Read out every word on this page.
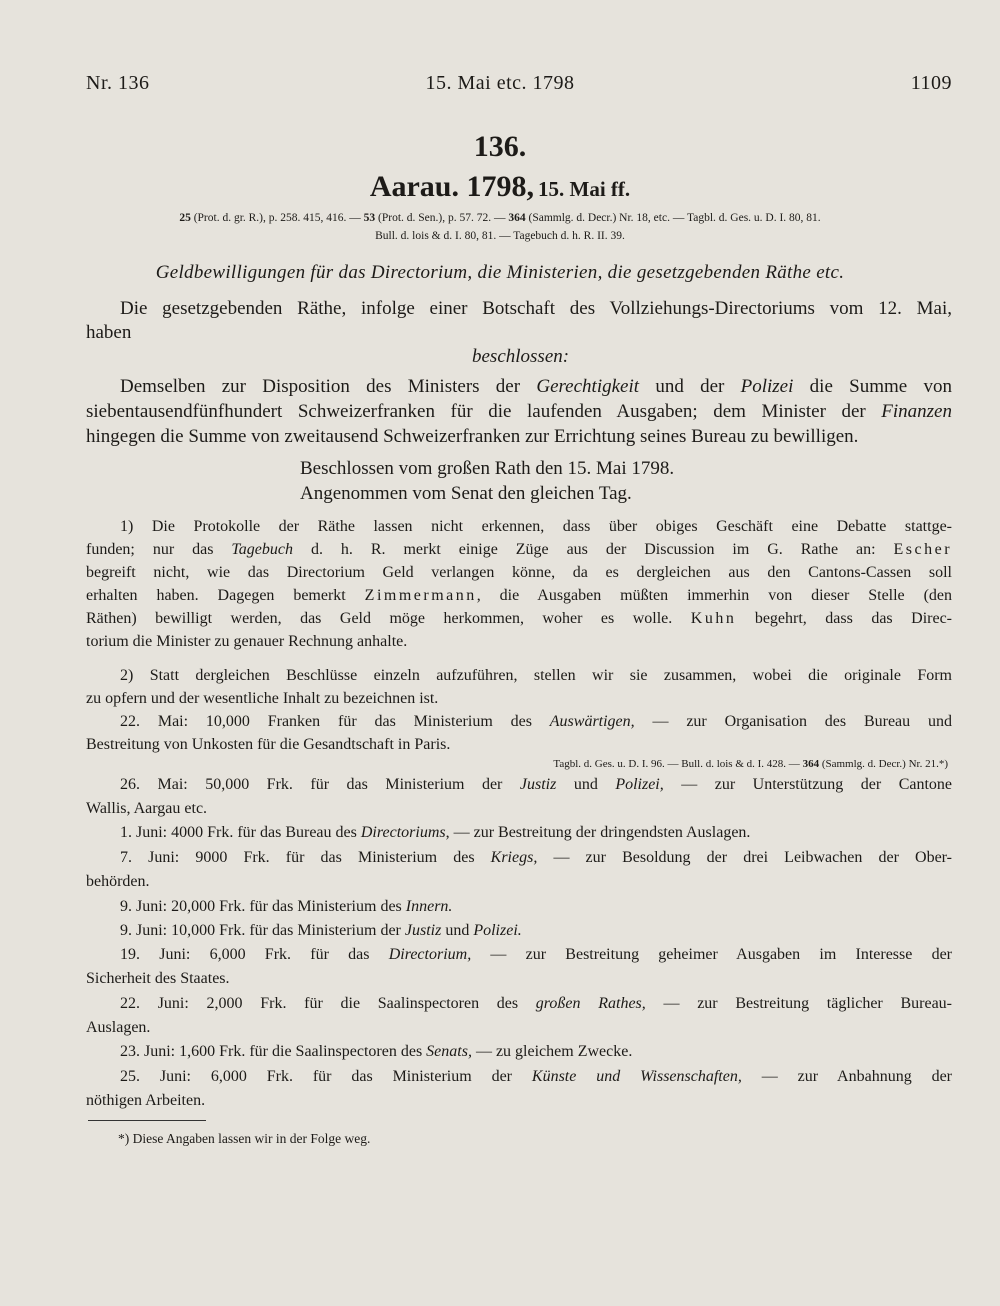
Nr. 136	15. Mai etc. 1798	1109
136.
Aarau. 1798, 15. Mai ff.
25 (Prot. d. gr. R.), p. 258. 415, 416. — 53 (Prot. d. Sen.), p. 57. 72. — 364 (Sammlg. d. Decr.) Nr. 18, etc. — Tagbl. d. Ges. u. D. I. 80, 81.
Bull. d. lois & d. I. 80, 81. — Tagebuch d. h. R. II. 39.
Geldbewilligungen für das Directorium, die Ministerien, die gesetzgebenden Räthe etc.
Die gesetzgebenden Räthe, infolge einer Botschaft des Vollziehungs-Directoriums vom 12. Mai,
haben
beschlossen:
Demselben zur Disposition des Ministers der Gerechtigkeit und der Polizei die Summe von
siebentausendfünfhundert Schweizerfranken für die laufenden Ausgaben; dem Minister der Finanzen
hingegen die Summe von zweitausend Schweizerfranken zur Errichtung seines Bureau zu bewilligen.
Beschlossen vom großen Rath den 15. Mai 1798.
Angenommen vom Senat den gleichen Tag.
1) Die Protokolle der Räthe lassen nicht erkennen, dass über obiges Geschäft eine Debatte stattge-
funden; nur das Tagebuch d. h. R. merkt einige Züge aus der Discussion im G. Rathe an: Escher
begreift nicht, wie das Directorium Geld verlangen könne, da es dergleichen aus den Cantons-Cassen soll
erhalten haben. Dagegen bemerkt Zimmermann, die Ausgaben müßten immerhin von dieser Stelle (den
Räthen) bewilligt werden, das Geld möge herkommen, woher es wolle. Kuhn begehrt, dass das Direc-
torium die Minister zu genauer Rechnung anhalte.
2) Statt dergleichen Beschlüsse einzeln aufzuführen, stellen wir sie zusammen, wobei die originale Form
zu opfern und der wesentliche Inhalt zu bezeichnen ist.
22. Mai: 10,000 Franken für das Ministerium des Auswärtigen, — zur Organisation des Bureau und
Bestreitung von Unkosten für die Gesandtschaft in Paris.
Tagbl. d. Ges. u. D. I. 96. — Bull. d. lois & d. I. 428. — 364 (Sammlg. d. Decr.) Nr. 21.*)
26. Mai: 50,000 Frk. für das Ministerium der Justiz und Polizei, — zur Unterstützung der Cantone
Wallis, Aargau etc.
1. Juni: 4000 Frk. für das Bureau des Directoriums, — zur Bestreitung der dringendsten Auslagen.
7. Juni: 9000 Frk. für das Ministerium des Kriegs, — zur Besoldung der drei Leibwachen der Ober-
behörden.
9. Juni: 20,000 Frk. für das Ministerium des Innern.
9. Juni: 10,000 Frk. für das Ministerium der Justiz und Polizei.
19. Juni: 6,000 Frk. für das Directorium, — zur Bestreitung geheimer Ausgaben im Interesse der
Sicherheit des Staates.
22. Juni: 2,000 Frk. für die Saalinspectoren des großen Rathes, — zur Bestreitung täglicher Bureau-
Auslagen.
23. Juni: 1,600 Frk. für die Saalinspectoren des Senats, — zu gleichem Zwecke.
25. Juni: 6,000 Frk. für das Ministerium der Künste und Wissenschaften, — zur Anbahnung der
nöthigen Arbeiten.
*) Diese Angaben lassen wir in der Folge weg.
